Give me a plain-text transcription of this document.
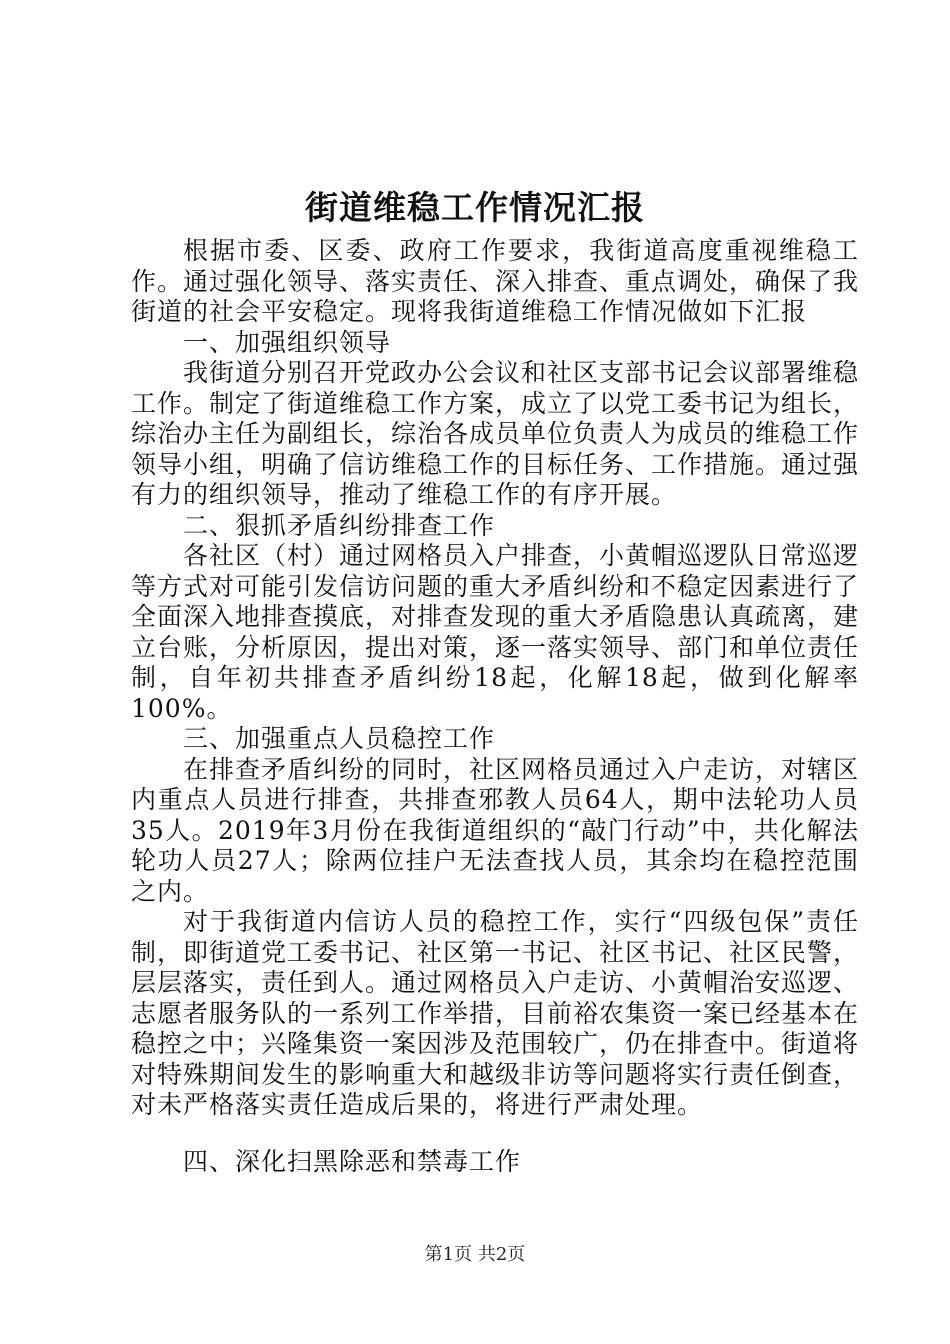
街道维稳工作情况汇报

根据市委、区委、政府工作要求，我街道高度重视维稳工作。通过强化领导、落实责任、深入排查、重点调处，确保了我街道的社会平安稳定。现将我街道维稳工作情况做如下汇报

一、加强组织领导

我街道分别召开党政办公会议和社区支部书记会议部署维稳工作。制定了街道维稳工作方案，成立了以党工委书记为组长，综治办主任为副组长，综治各成员单位负责人为成员的维稳工作领导小组，明确了信访维稳工作的目标任务、工作措施。通过强有力的组织领导，推动了维稳工作的有序开展。

二、狠抓矛盾纠纷排查工作

各社区（村）通过网格员入户排查，小黄帽巡逻队日常巡逻等方式对可能引发信访问题的重大矛盾纠纷和不稳定因素进行了全面深入地排查摸底，对排查发现的重大矛盾隐患认真疏离，建立台账，分析原因，提出对策，逐一落实领导、部门和单位责任制，自年初共排查矛盾纠纷18起，化解18起，做到化解率100%。

三、加强重点人员稳控工作

在排查矛盾纠纷的同时，社区网格员通过入户走访，对辖区内重点人员进行排查，共排查邪教人员64人，期中法轮功人员35人。2019年3月份在我街道组织的“敲门行动”中，共化解法轮功人员27人；除两位挂户无法查找人员，其余均在稳控范围之内。

对于我街道内信访人员的稳控工作，实行“四级包保”责任制，即街道党工委书记、社区第一书记、社区书记、社区民警，层层落实，责任到人。通过网格员入户走访、小黄帽治安巡逻、志愿者服务队的一系列工作举措，目前裕农集资一案已经基本在稳控之中；兴隆集资一案因涉及范围较广，仍在排查中。街道将对特殊期间发生的影响重大和越级非访等问题将实行责任倒查，对未严格落实责任造成后果的，将进行严肃处理。

四、深化扫黑除恶和禁毒工作

第1页 共2页
